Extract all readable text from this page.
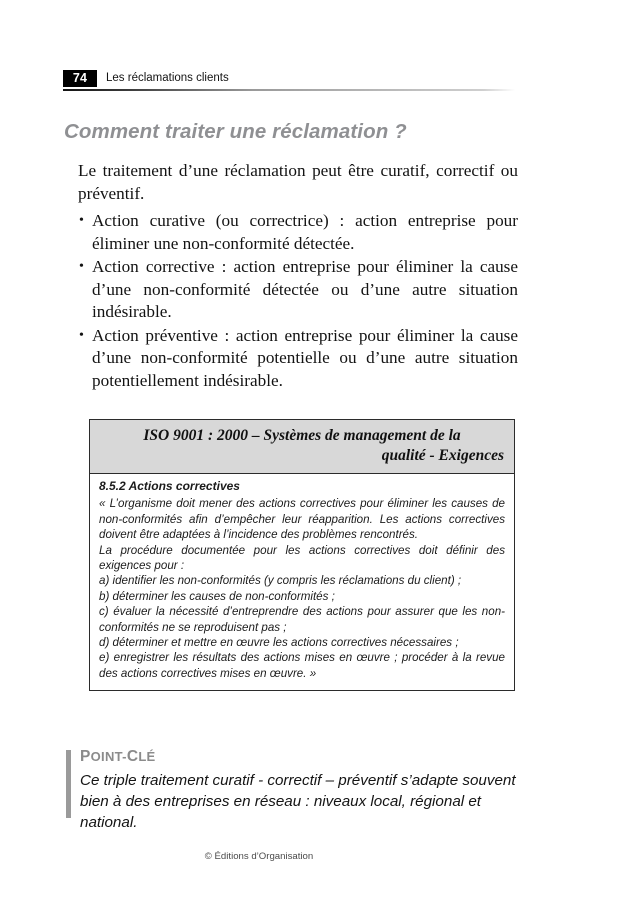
74	Les réclamations clients
Comment traiter une réclamation ?

Le traitement d’une réclamation peut être curatif, correctif ou préventif.

• Action curative (ou correctrice) : action entreprise pour éliminer une non-conformité détectée.
• Action corrective : action entreprise pour éliminer la cause d’une non-conformité détectée ou d’une autre situation indésirable.
• Action préventive : action entreprise pour éliminer la cause d’une non-conformité potentielle ou d’une autre situation potentiellement indésirable.
ISO 9001 : 2000 – Systèmes de management de la
qualité - Exigences
8.5.2 Actions correctives

« L’organisme doit mener des actions correctives pour éliminer les causes de non-conformités afin d’empêcher leur réapparition. Les actions correctives doivent être adaptées à l’incidence des problèmes rencontrés.

La procédure documentée pour les actions correctives doit définir des exigences pour :

a) identifier les non-conformités (y compris les réclamations du client) ;

b) déterminer les causes de non-conformités ;

c) évaluer la nécessité d’entreprendre des actions pour assurer que les non-conformités ne se reproduisent pas ;

d) déterminer et mettre en œuvre les actions correctives nécessaires ;

e) enregistrer les résultats des actions mises en œuvre ; procéder à la revue des actions correctives mises en œuvre. »

POINT-CLÉ
Ce triple traitement curatif - correctif – préventif s’adapte souvent bien à des entreprises en réseau : niveaux local, régional et national.
© Éditions d’Organisation
